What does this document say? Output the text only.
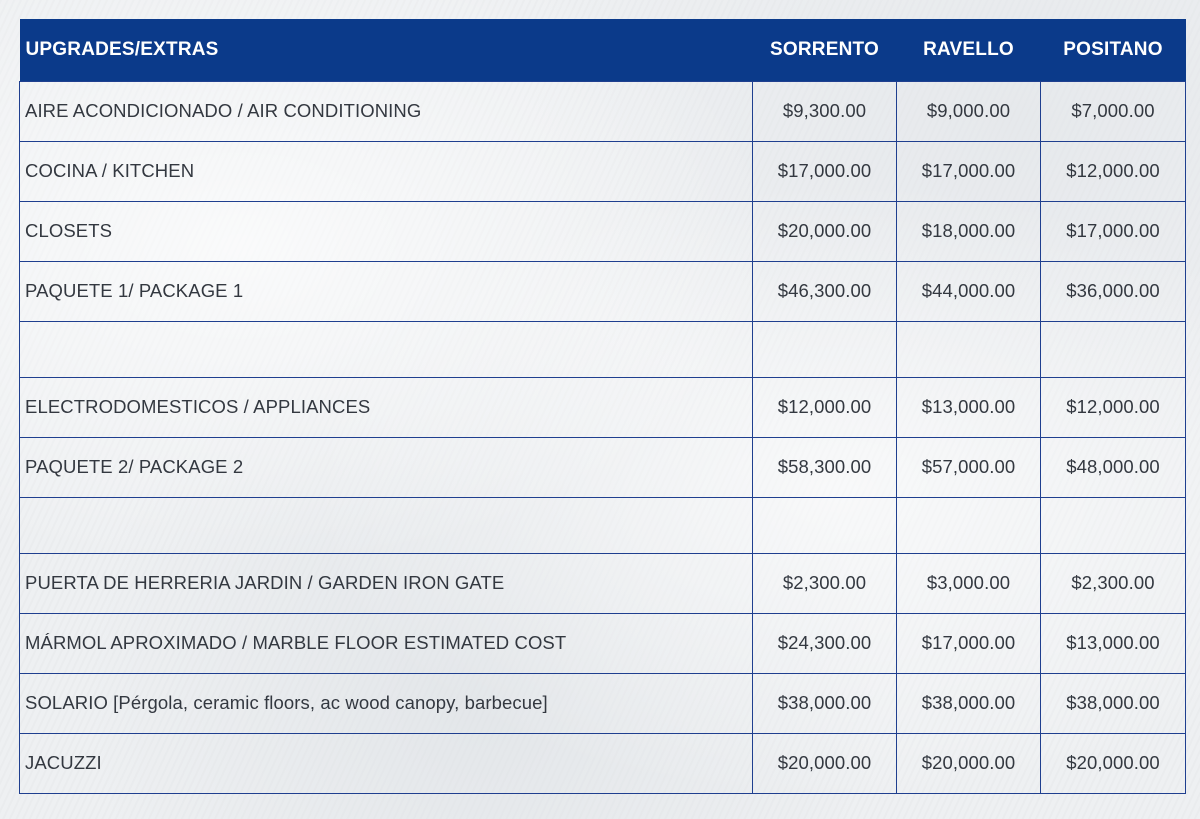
UPGRADES/EXTRAS	SORRENTO	RAVELLO	POSITANO
AIRE ACONDICIONADO / AIR CONDITIONING	$9,300.00	$9,000.00	$7,000.00
COCINA / KITCHEN	$17,000.00	$17,000.00	$12,000.00
CLOSETS	$20,000.00	$18,000.00	$17,000.00
PAQUETE 1/ PACKAGE 1	$46,300.00	$44,000.00	$36,000.00

ELECTRODOMESTICOS / APPLIANCES	$12,000.00	$13,000.00	$12,000.00
PAQUETE 2/ PACKAGE 2	$58,300.00	$57,000.00	$48,000.00

PUERTA DE HERRERIA JARDIN / GARDEN IRON GATE	$2,300.00	$3,000.00	$2,300.00
MÁRMOL APROXIMADO / MARBLE FLOOR ESTIMATED COST	$24,300.00	$17,000.00	$13,000.00
SOLARIO [Pérgola, ceramic floors, ac wood canopy, barbecue]	$38,000.00	$38,000.00	$38,000.00
JACUZZI	$20,000.00	$20,000.00	$20,000.00
